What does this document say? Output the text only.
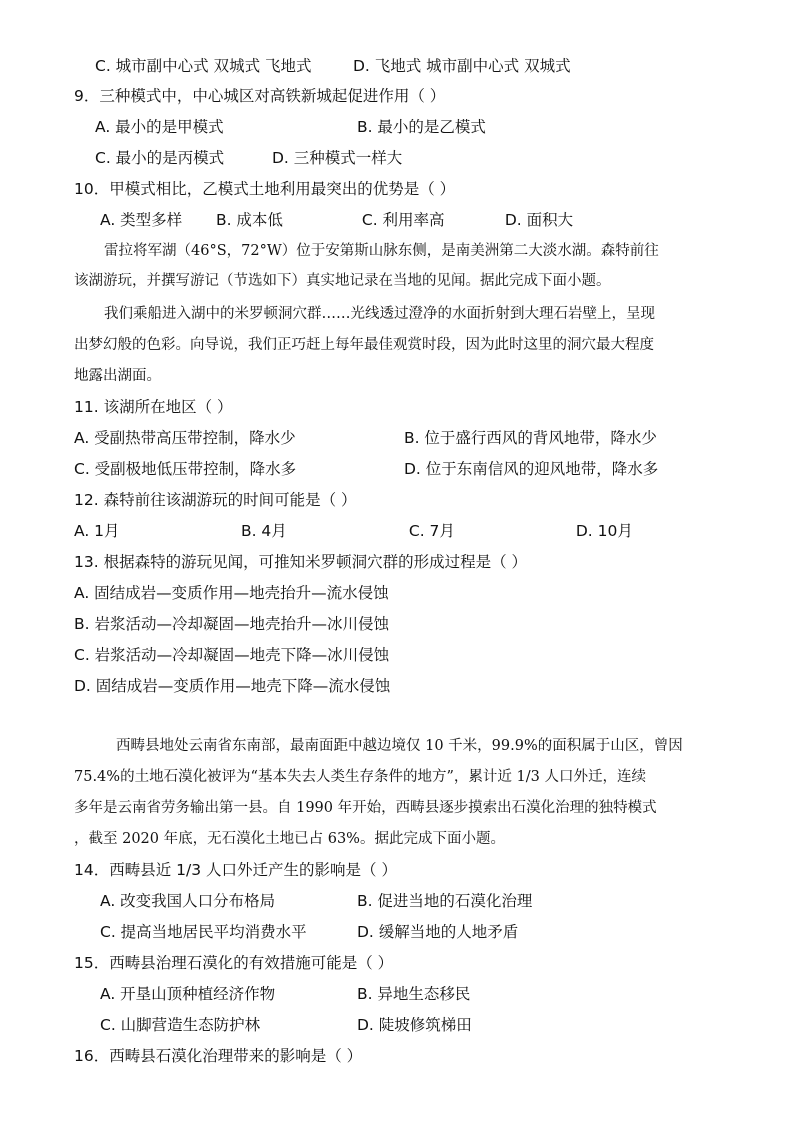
C. 城市副中心式 双城式 飞地式	D. 飞地式 城市副中心式 双城式
9．三种模式中，中心城区对高铁新城起促进作用（ ）
A. 最小的是甲模式	B. 最小的是乙模式
C. 最小的是丙模式	D. 三种模式一样大
10．甲模式相比，乙模式土地利用最突出的优势是（ ）
A. 类型多样 B. 成本低	C. 利用率高	D. 面积大
雷拉将军湖（46°S，72°W）位于安第斯山脉东侧，是南美洲第二大淡水湖。森特前往
该湖游玩，并撰写游记（节选如下）真实地记录在当地的见闻。据此完成下面小题。
我们乘船进入湖中的米罗顿洞穴群……光线透过澄净的水面折射到大理石岩壁上，呈现
出梦幻般的色彩。向导说，我们正巧赶上每年最佳观赏时段，因为此时这里的洞穴最大程度
地露出湖面。
11. 该湖所在地区（ ）
A. 受副热带高压带控制，降水少	B. 位于盛行西风的背风地带，降水少
C. 受副极地低压带控制，降水多	D. 位于东南信风的迎风地带，降水多
12. 森特前往该湖游玩的时间可能是（ ）
A. 1月	B. 4月	C. 7月	D. 10月
13. 根据森特的游玩见闻，可推知米罗顿洞穴群的形成过程是（ ）
A. 固结成岩—变质作用—地壳抬升—流水侵蚀
B. 岩浆活动—冷却凝固—地壳抬升—冰川侵蚀
C. 岩浆活动—冷却凝固—地壳下降—冰川侵蚀
D. 固结成岩—变质作用—地壳下降—流水侵蚀
西畴县地处云南省东南部，最南面距中越边境仅 10 千米，99.9%的面积属于山区，曾因
75.4%的土地石漠化被评为“基本失去人类生存条件的地方”，累计近 1/3 人口外迁，连续
多年是云南省劳务输出第一县。自 1990 年开始，西畴县逐步摸索出石漠化治理的独特模式
，截至 2020 年底，无石漠化土地已占 63%。据此完成下面小题。
14．西畴县近 1/3 人口外迁产生的影响是（ ）
A. 改变我国人口分布格局	B. 促进当地的石漠化治理
C. 提高当地居民平均消费水平	D. 缓解当地的人地矛盾
15．西畴县治理石漠化的有效措施可能是（ ）
A. 开垦山顶种植经济作物	B. 异地生态移民
C. 山脚营造生态防护林	D. 陡坡修筑梯田
16．西畴县石漠化治理带来的影响是（ ）
